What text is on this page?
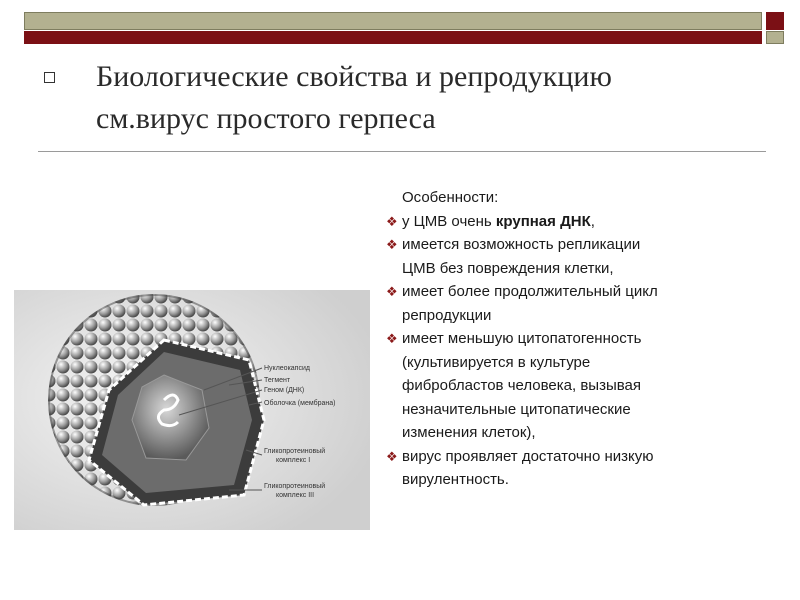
Биологические свойства и репродукцию
см.вирус простого герпеса
Нуклеокапсид
Тегмент
Геном (ДНК)
Оболочка (мембрана)
Гликопротеиновый
комплекс I
Гликопротеиновый
комплекс III
Особенности:
❖ у ЦМВ очень крупная ДНК,
❖ имеется возможность репликации
ЦМВ без повреждения клетки,
❖ имеет более продолжительный цикл
репродукции
❖ имеет меньшую цитопатогенность
(культивируется в культуре
фибробластов человека, вызывая
незначительные цитопатические
изменения клеток),
❖ вирус проявляет достаточно низкую
вирулентность.
